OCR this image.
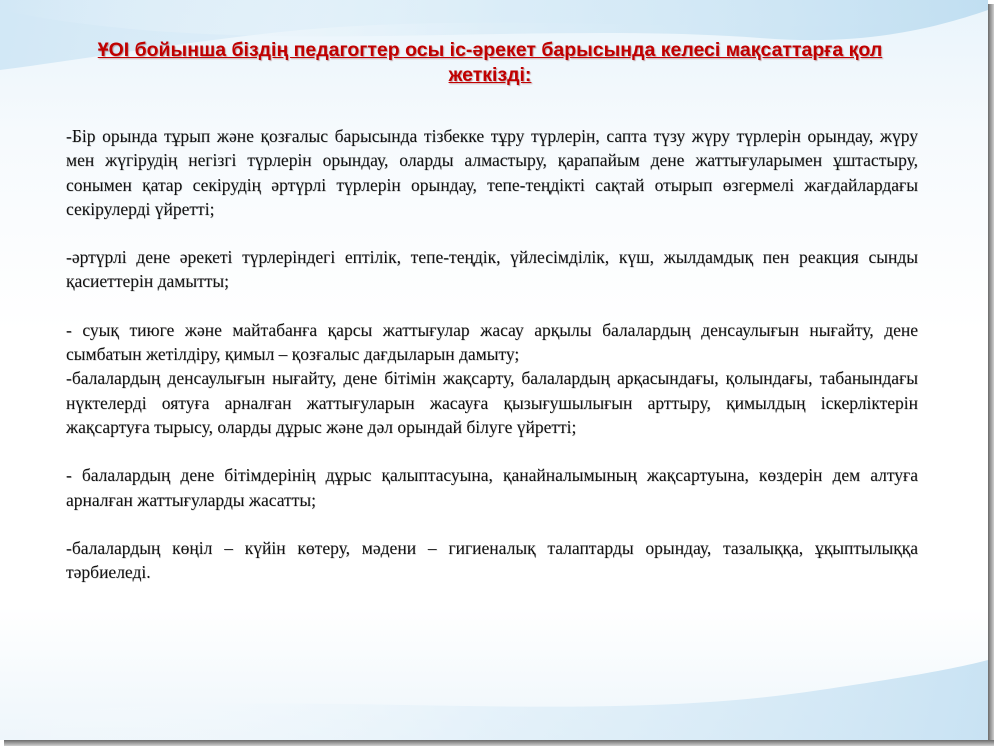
ҰОІ бойынша біздің педагогтер осы іс-әрекет барысында келесі мақсаттарға қол жеткізді:

-Бір орында тұрып және қозғалыс барысында тізбекке тұру түрлерін, сапта түзу жүру түрлерін орындау, жүру мен жүгірудің негізгі түрлерін орындау, оларды алмастыру, қарапайым дене жаттығуларымен ұштастыру, сонымен қатар секірудің әртүрлі түрлерін орындау, тепе-теңдікті сақтай отырып өзгермелі жағдайлардағы секірулерді үйретті;

-әртүрлі дене әрекеті түрлеріндегі ептілік, тепе-теңдік, үйлесімділік, күш, жылдамдық пен реакция сынды қасиеттерін дамытты;

- суық тиюге және майтабанға қарсы жаттығулар жасау арқылы балалардың денсаулығын нығайту, дене сымбатын жетілдіру, қимыл – қозғалыс дағдыларын дамыту;

-балалардың денсаулығын нығайту, дене бітімін жақсарту, балалардың арқасындағы, қолындағы, табанындағы нүктелерді оятуға арналған жаттығуларын жасауға қызығушылығын арттыру, қимылдың іскерліктерін жақсартуға тырысу, оларды дұрыс және дәл орындай білуге үйретті;

- балалардың дене бітімдерінің дұрыс қалыптасуына, қанайналымының жақсартуына, көздерін дем алтуға арналған жаттығуларды жасатты;

-балалардың көңіл – күйін көтеру, мәдени – гигиеналық талаптарды орындау, тазалыққа, ұқыптылыққа тәрбиеледі.
